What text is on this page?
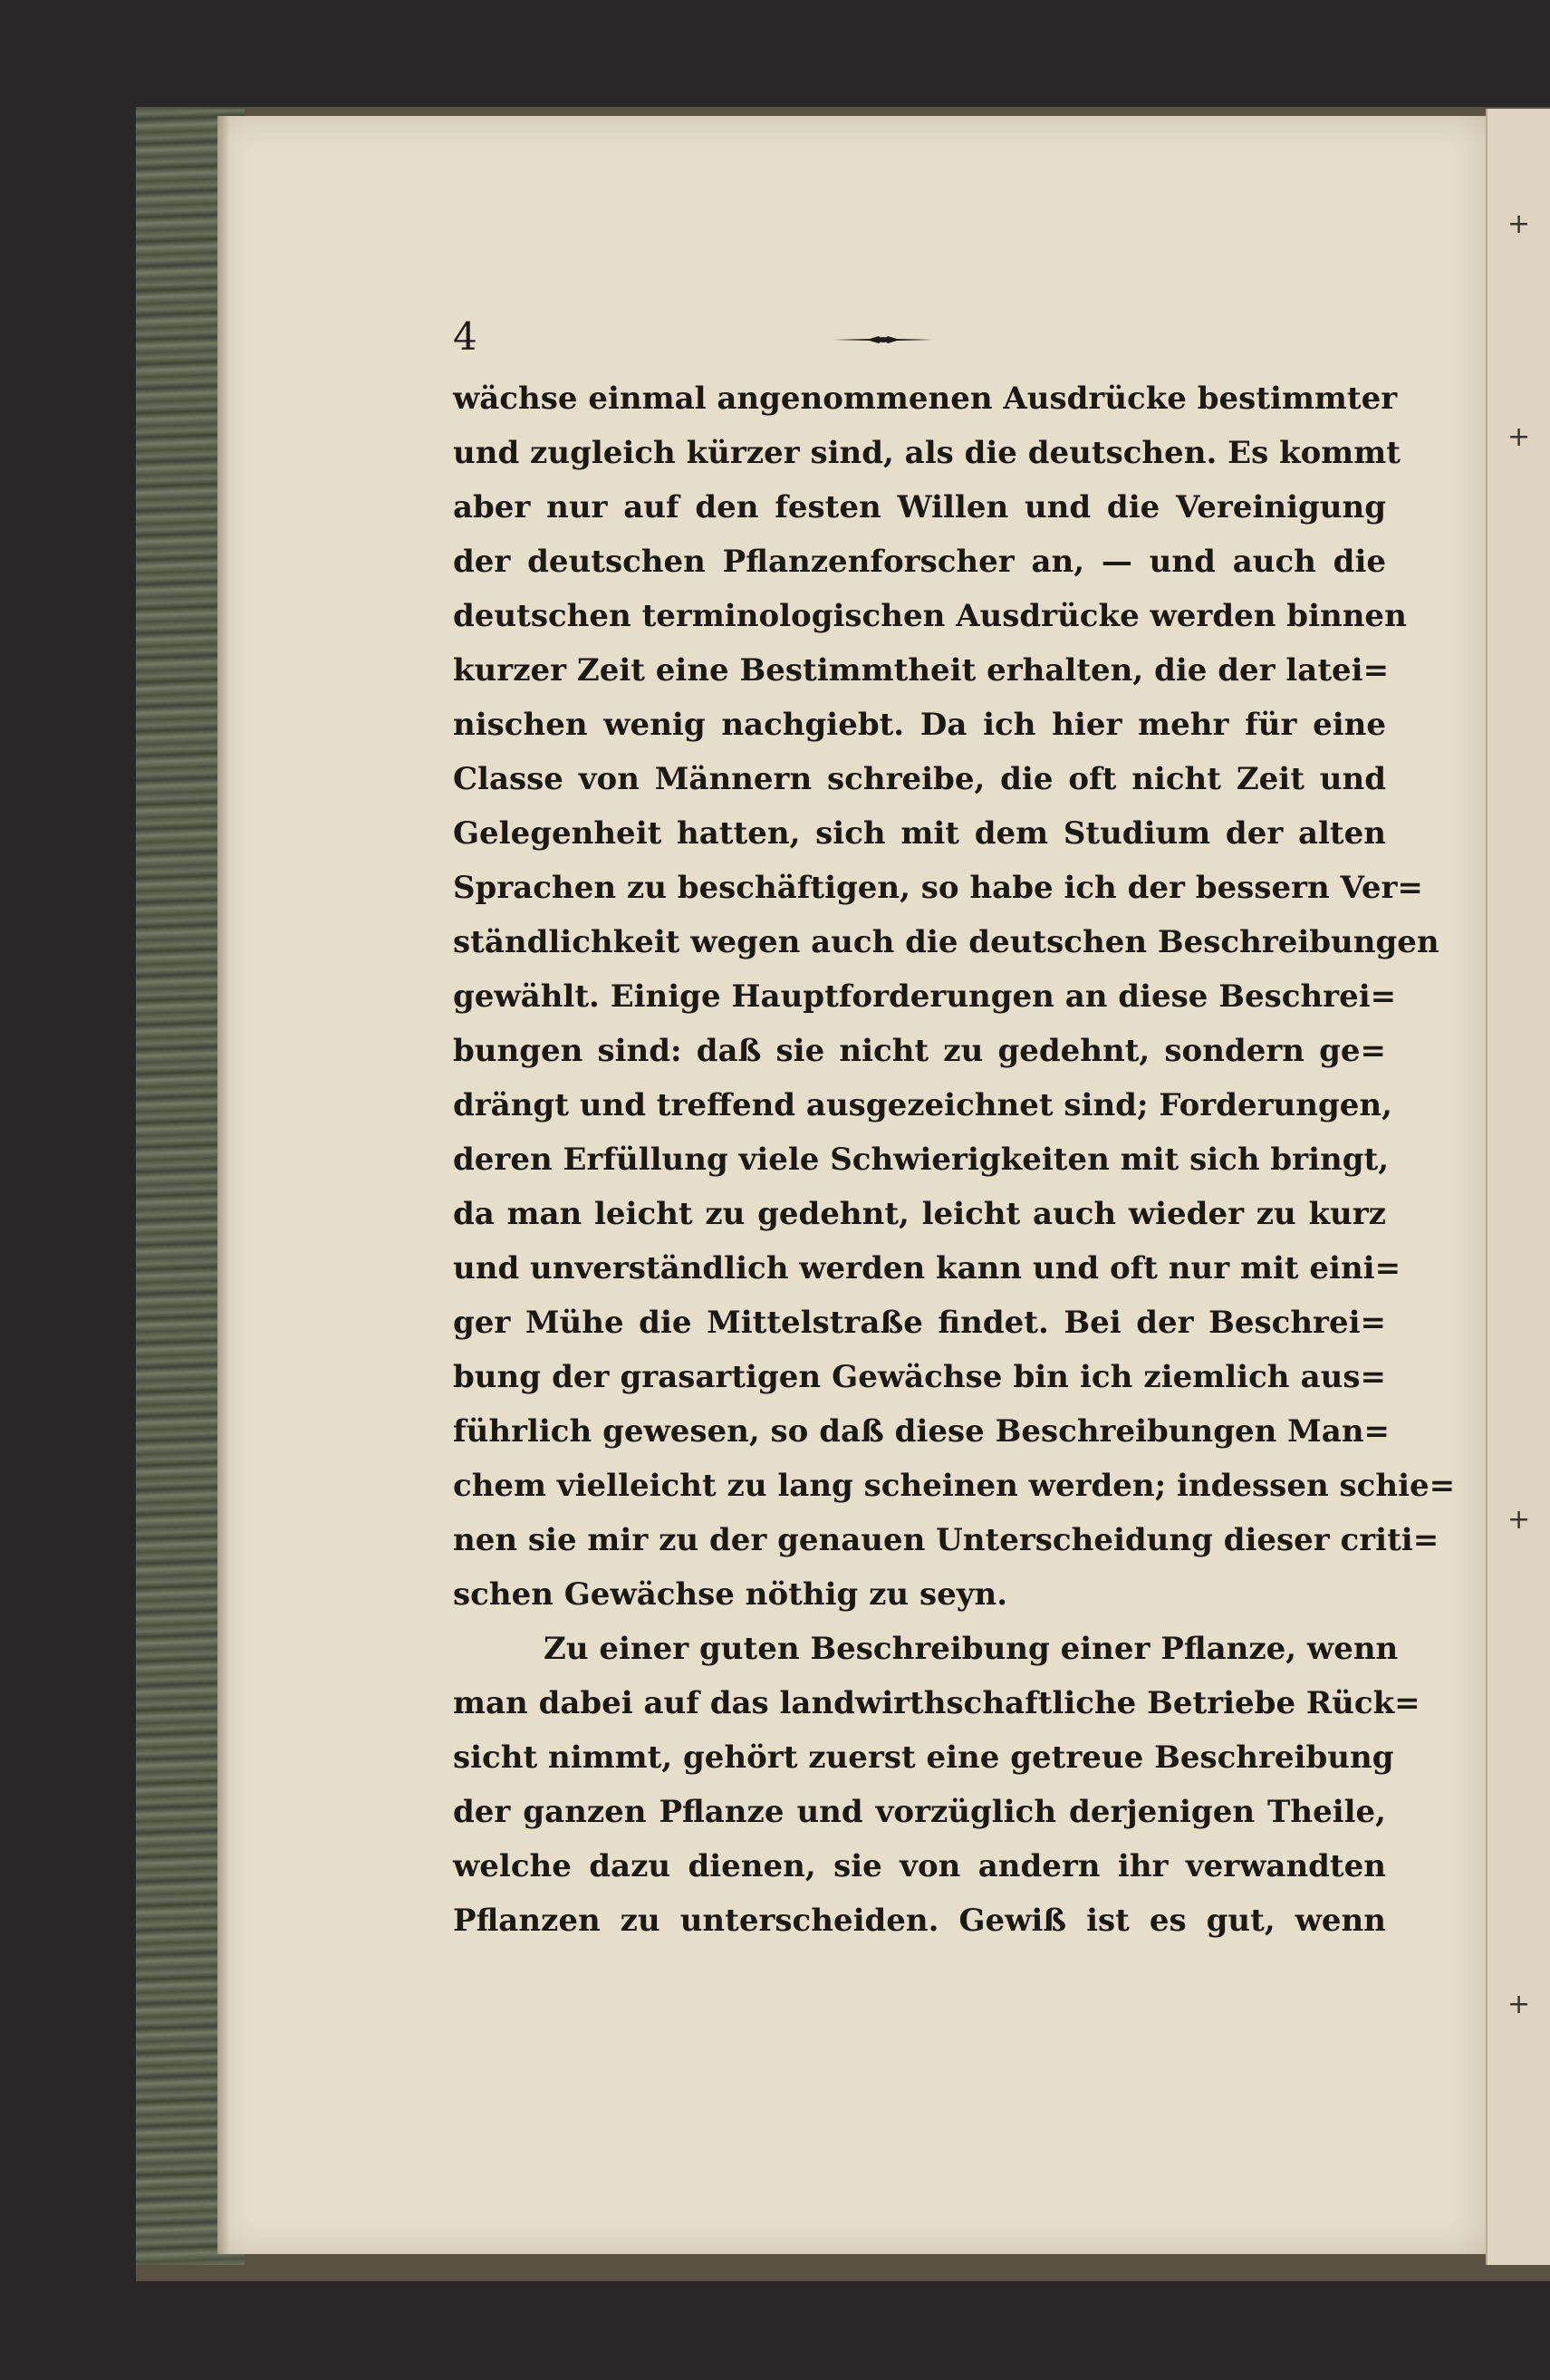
+
+
+
+
4
wächse einmal angenommenen Ausdrücke bestimmter
und zugleich kürzer sind, als die deutschen. Es kommt
aber nur auf den festen Willen und die Vereinigung
der deutschen Pflanzenforscher an, — und auch die
deutschen terminologischen Ausdrücke werden binnen
kurzer Zeit eine Bestimmtheit erhalten, die der latei=
nischen wenig nachgiebt. Da ich hier mehr für eine
Classe von Männern schreibe, die oft nicht Zeit und
Gelegenheit hatten, sich mit dem Studium der alten
Sprachen zu beschäftigen, so habe ich der bessern Ver=
ständlichkeit wegen auch die deutschen Beschreibungen
gewählt. Einige Hauptforderungen an diese Beschrei=
bungen sind: daß sie nicht zu gedehnt, sondern ge=
drängt und treffend ausgezeichnet sind; Forderungen,
deren Erfüllung viele Schwierigkeiten mit sich bringt,
da man leicht zu gedehnt, leicht auch wieder zu kurz
und unverständlich werden kann und oft nur mit eini=
ger Mühe die Mittelstraße findet. Bei der Beschrei=
bung der grasartigen Gewächse bin ich ziemlich aus=
führlich gewesen, so daß diese Beschreibungen Man=
chem vielleicht zu lang scheinen werden; indessen schie=
nen sie mir zu der genauen Unterscheidung dieser criti=
schen Gewächse nöthig zu seyn.
Zu einer guten Beschreibung einer Pflanze, wenn
man dabei auf das landwirthschaftliche Betriebe Rück=
sicht nimmt, gehört zuerst eine getreue Beschreibung
der ganzen Pflanze und vorzüglich derjenigen Theile,
welche dazu dienen, sie von andern ihr verwandten
Pflanzen zu unterscheiden. Gewiß ist es gut, wenn
